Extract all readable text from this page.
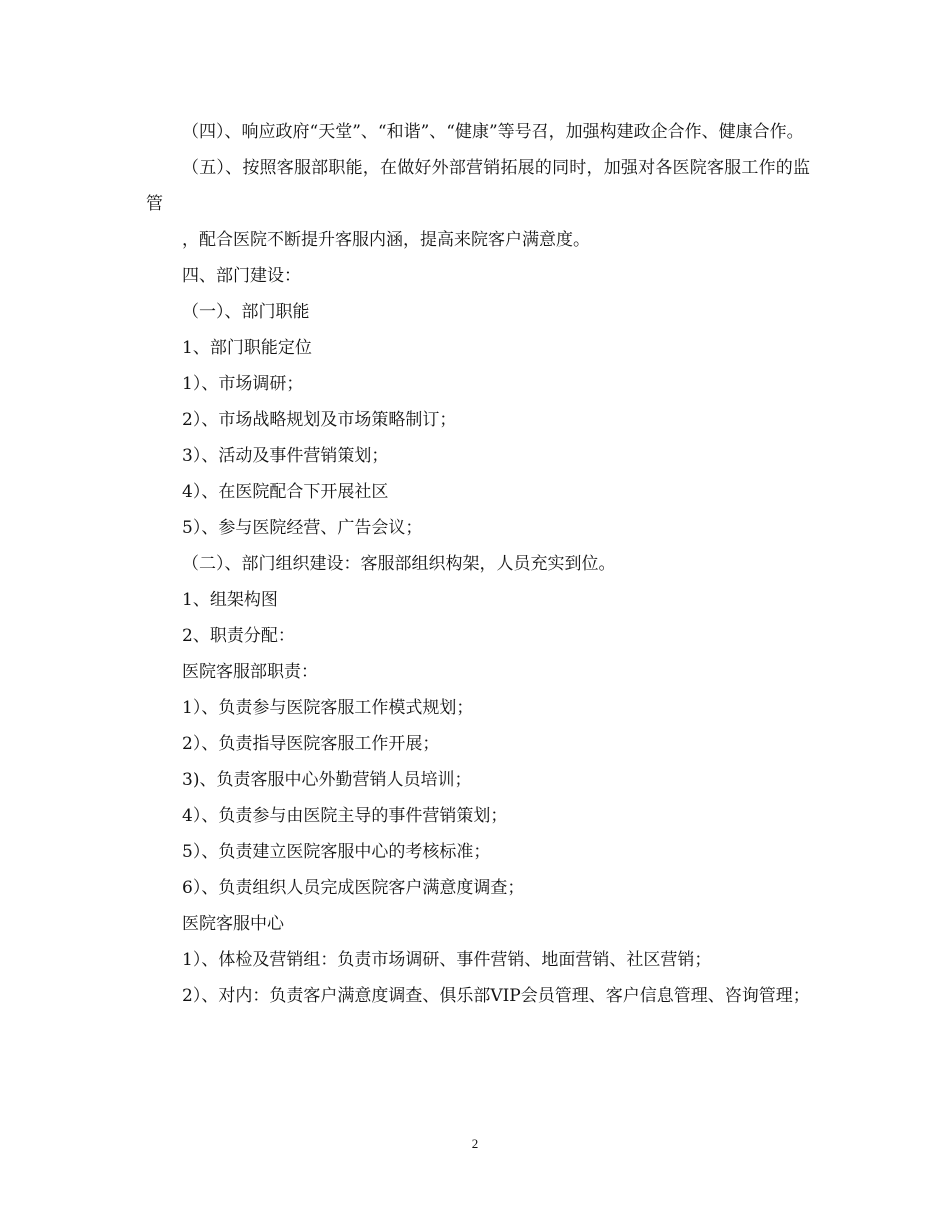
（四）、响应政府“天堂”、“和谐”、“健康”等号召，加强构建政企合作、健康合作。

（五）、按照客服部职能，在做好外部营销拓展的同时，加强对各医院客服工作的监管

，配合医院不断提升客服内涵，提高来院客户满意度。

四、部门建设：

（一）、部门职能

1、部门职能定位

1）、市场调研；

2）、市场战略规划及市场策略制订；

3）、活动及事件营销策划；

4）、在医院配合下开展社区

5）、参与医院经营、广告会议；

（二）、部门组织建设：客服部组织构架，人员充实到位。

1、组架构图

2、职责分配：

医院客服部职责：

1）、负责参与医院客服工作模式规划；

2）、负责指导医院客服工作开展；

3)、负责客服中心外勤营销人员培训；

4）、负责参与由医院主导的事件营销策划；

5）、负责建立医院客服中心的考核标准；

6）、负责组织人员完成医院客户满意度调查；

医院客服中心

1）、体检及营销组：负责市场调研、事件营销、地面营销、社区营销；

2）、对内：负责客户满意度调查、俱乐部VIP会员管理、客户信息管理、咨询管理；

2
